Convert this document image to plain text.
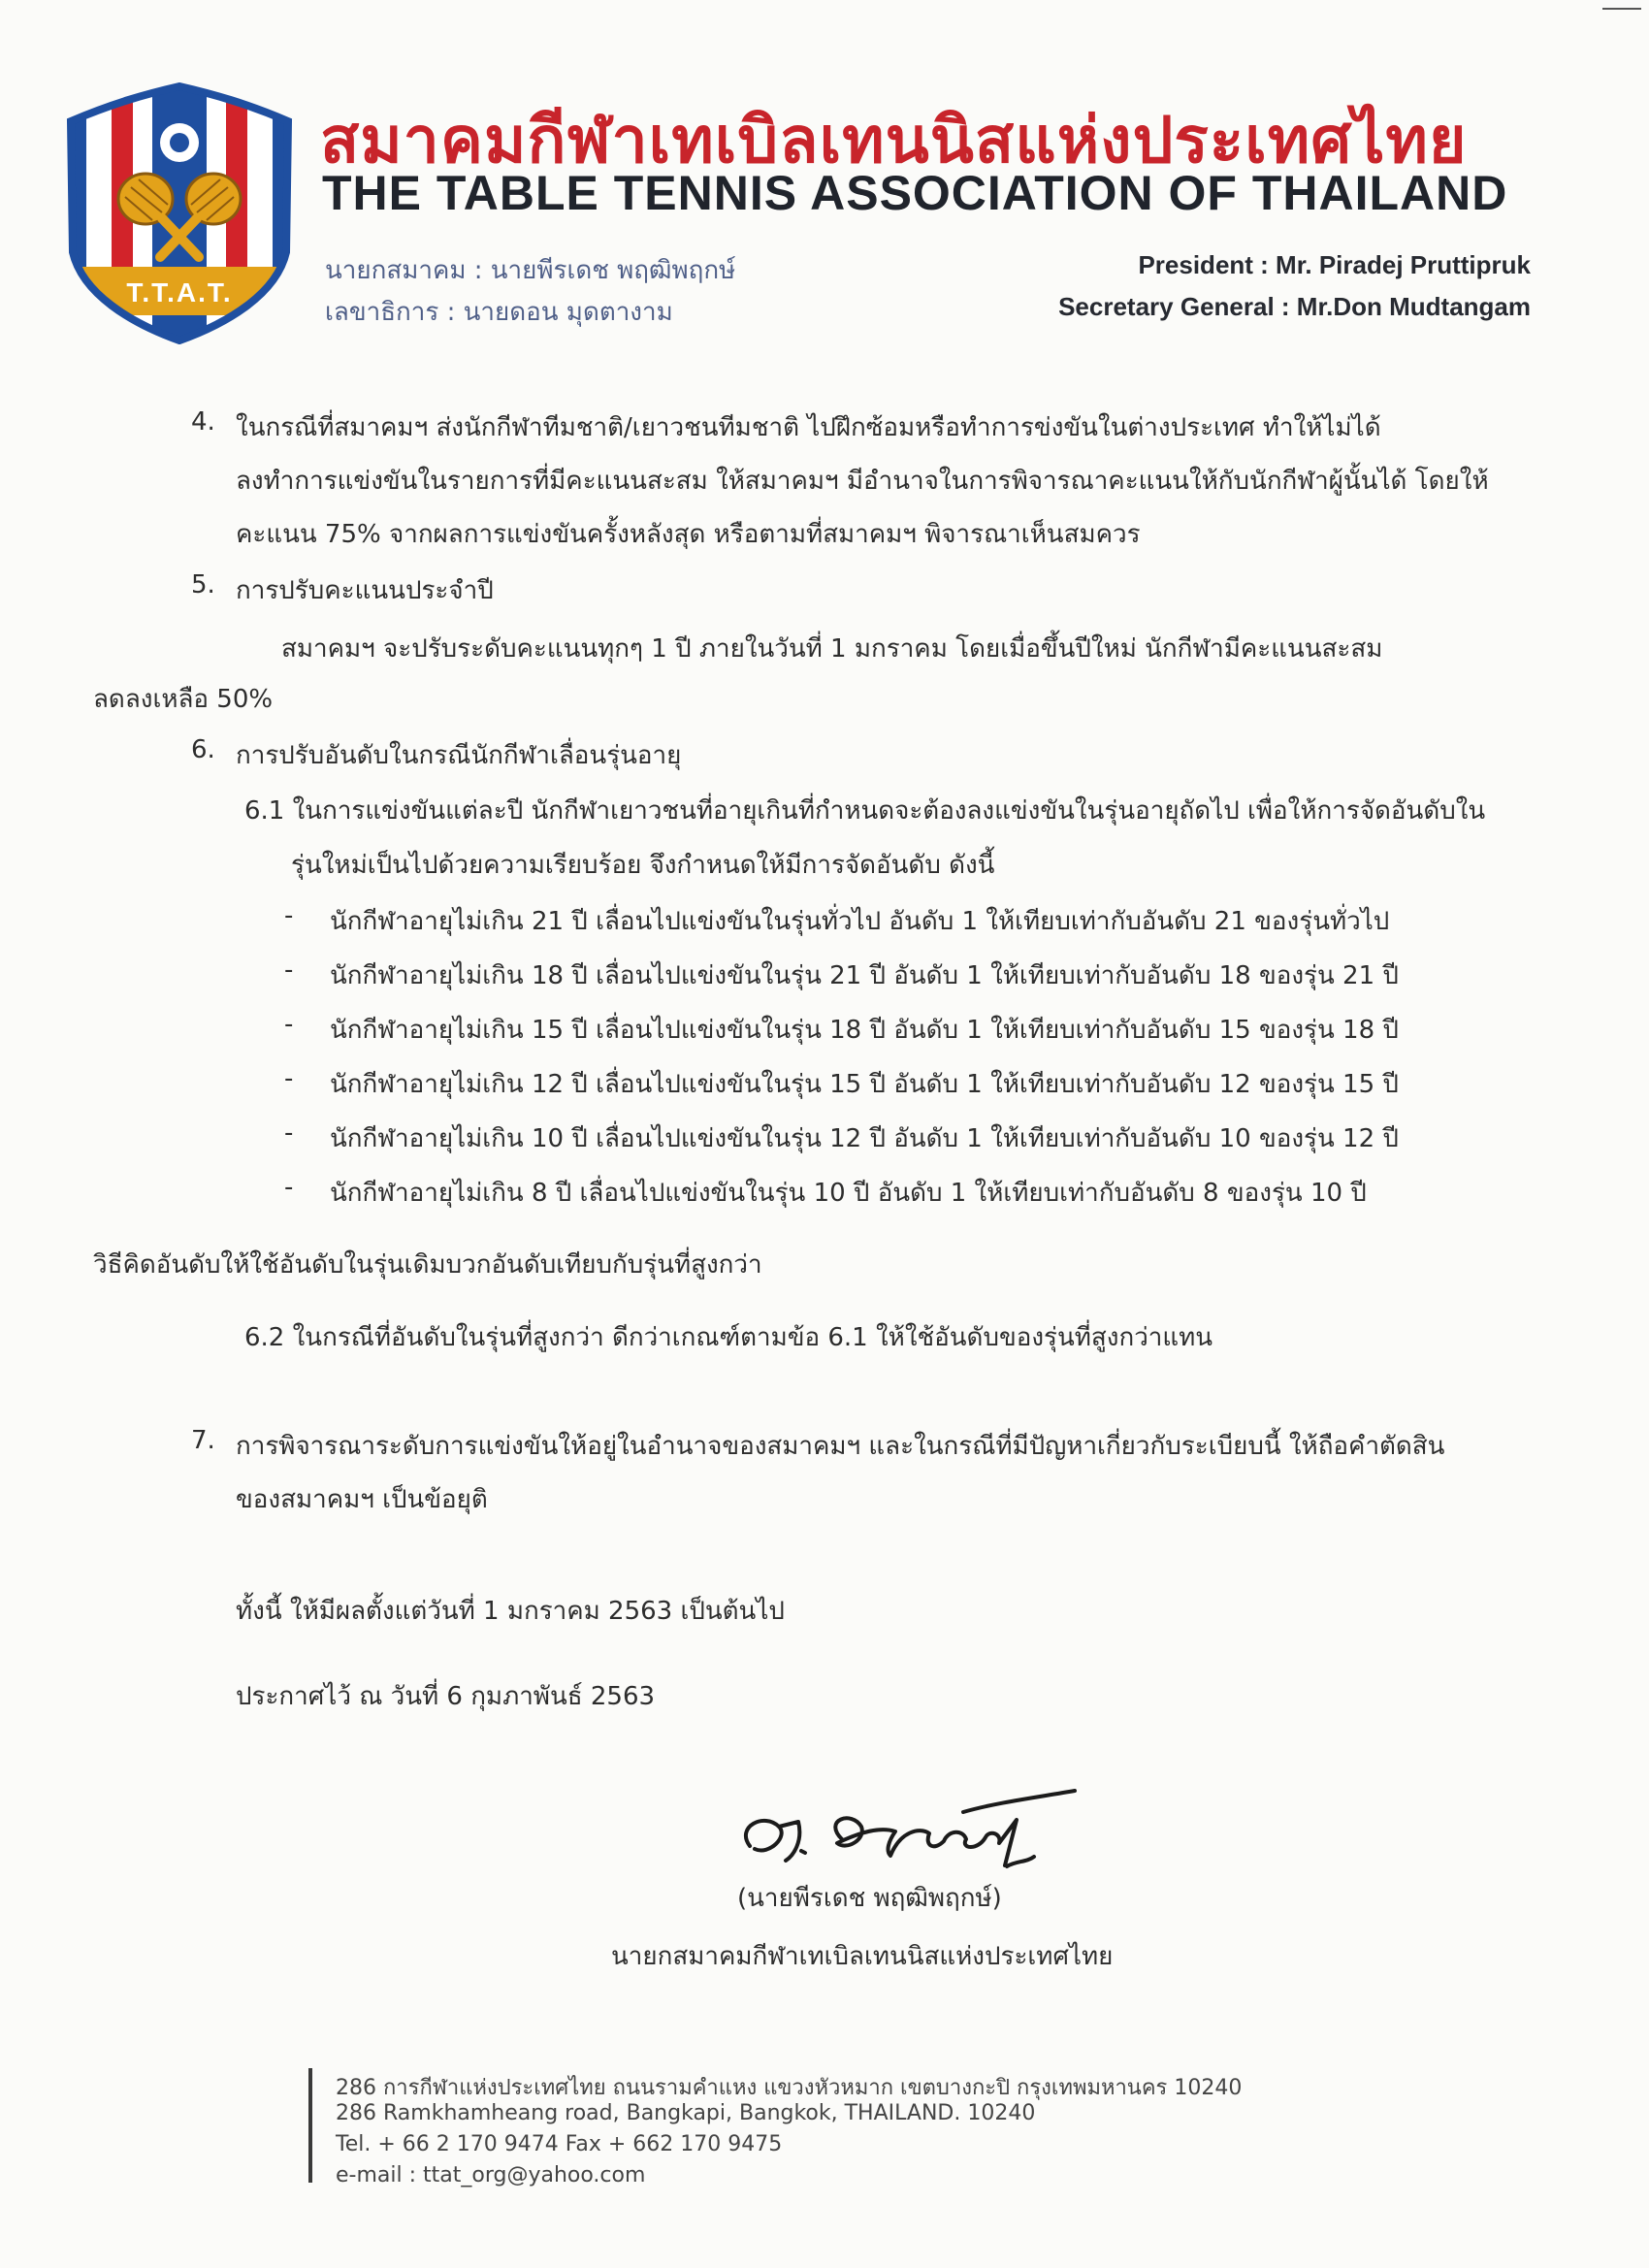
T.T.A.T.
สมาคมกีฬาเทเบิลเทนนิสแห่งประเทศไทย
THE TABLE TENNIS ASSOCIATION OF THAILAND
นายกสมาคม : นายพีรเดช พฤฒิพฤกษ์
เลขาธิการ : นายดอน มุดตางาม
President : Mr. Piradej Pruttipruk
Secretary General : Mr.Don Mudtangam
4. ในกรณีที่สมาคมฯ ส่งนักกีฬาทีมชาติ/เยาวชนทีมชาติ ไปฝึกซ้อมหรือทำการข่งขันในต่างประเทศ ทำให้ไม่ได้
ลงทำการแข่งขันในรายการที่มีคะแนนสะสม ให้สมาคมฯ มีอำนาจในการพิจารณาคะแนนให้กับนักกีฬาผู้นั้นได้ โดยให้
คะแนน 75% จากผลการแข่งขันครั้งหลังสุด หรือตามที่สมาคมฯ พิจารณาเห็นสมควร
5. การปรับคะแนนประจำปี
สมาคมฯ จะปรับระดับคะแนนทุกๆ 1 ปี ภายในวันที่ 1 มกราคม โดยเมื่อขึ้นปีใหม่ นักกีฬามีคะแนนสะสม
ลดลงเหลือ 50%
6. การปรับอันดับในกรณีนักกีฬาเลื่อนรุ่นอายุ
6.1 ในการแข่งขันแต่ละปี นักกีฬาเยาวชนที่อายุเกินที่กำหนดจะต้องลงแข่งขันในรุ่นอายุถัดไป เพื่อให้การจัดอันดับใน
รุ่นใหม่เป็นไปด้วยความเรียบร้อย จึงกำหนดให้มีการจัดอันดับ ดังนี้
- นักกีฬาอายุไม่เกิน 21 ปี เลื่อนไปแข่งขันในรุ่นทั่วไป อันดับ 1 ให้เทียบเท่ากับอันดับ 21 ของรุ่นทั่วไป
- นักกีฬาอายุไม่เกิน 18 ปี เลื่อนไปแข่งขันในรุ่น 21 ปี อันดับ 1 ให้เทียบเท่ากับอันดับ 18 ของรุ่น 21 ปี
- นักกีฬาอายุไม่เกิน 15 ปี เลื่อนไปแข่งขันในรุ่น 18 ปี อันดับ 1 ให้เทียบเท่ากับอันดับ 15 ของรุ่น 18 ปี
- นักกีฬาอายุไม่เกิน 12 ปี เลื่อนไปแข่งขันในรุ่น 15 ปี อันดับ 1 ให้เทียบเท่ากับอันดับ 12 ของรุ่น 15 ปี
- นักกีฬาอายุไม่เกิน 10 ปี เลื่อนไปแข่งขันในรุ่น 12 ปี อันดับ 1 ให้เทียบเท่ากับอันดับ 10 ของรุ่น 12 ปี
- นักกีฬาอายุไม่เกิน 8 ปี เลื่อนไปแข่งขันในรุ่น 10 ปี อันดับ 1 ให้เทียบเท่ากับอันดับ 8 ของรุ่น 10 ปี
วิธีคิดอันดับให้ใช้อันดับในรุ่นเดิมบวกอันดับเทียบกับรุ่นที่สูงกว่า
6.2 ในกรณีที่อันดับในรุ่นที่สูงกว่า ดีกว่าเกณฑ์ตามข้อ 6.1 ให้ใช้อันดับของรุ่นที่สูงกว่าแทน
7. การพิจารณาระดับการแข่งขันให้อยู่ในอำนาจของสมาคมฯ และในกรณีที่มีปัญหาเกี่ยวกับระเบียบนี้ ให้ถือคำตัดสิน
ของสมาคมฯ เป็นข้อยุติ
ทั้งนี้ ให้มีผลตั้งแต่วันที่ 1 มกราคม 2563 เป็นต้นไป
ประกาศไว้ ณ วันที่ 6 กุมภาพันธ์ 2563
(นายพีรเดช พฤฒิพฤกษ์)
นายกสมาคมกีฬาเทเบิลเทนนิสแห่งประเทศไทย
286 การกีฬาแห่งประเทศไทย ถนนรามคำแหง แขวงหัวหมาก เขตบางกะปิ กรุงเทพมหานคร 10240
286 Ramkhamheang road, Bangkapi, Bangkok, THAILAND. 10240
Tel. + 66 2 170 9474 Fax + 662 170 9475
e-mail : ttat_org@yahoo.com
